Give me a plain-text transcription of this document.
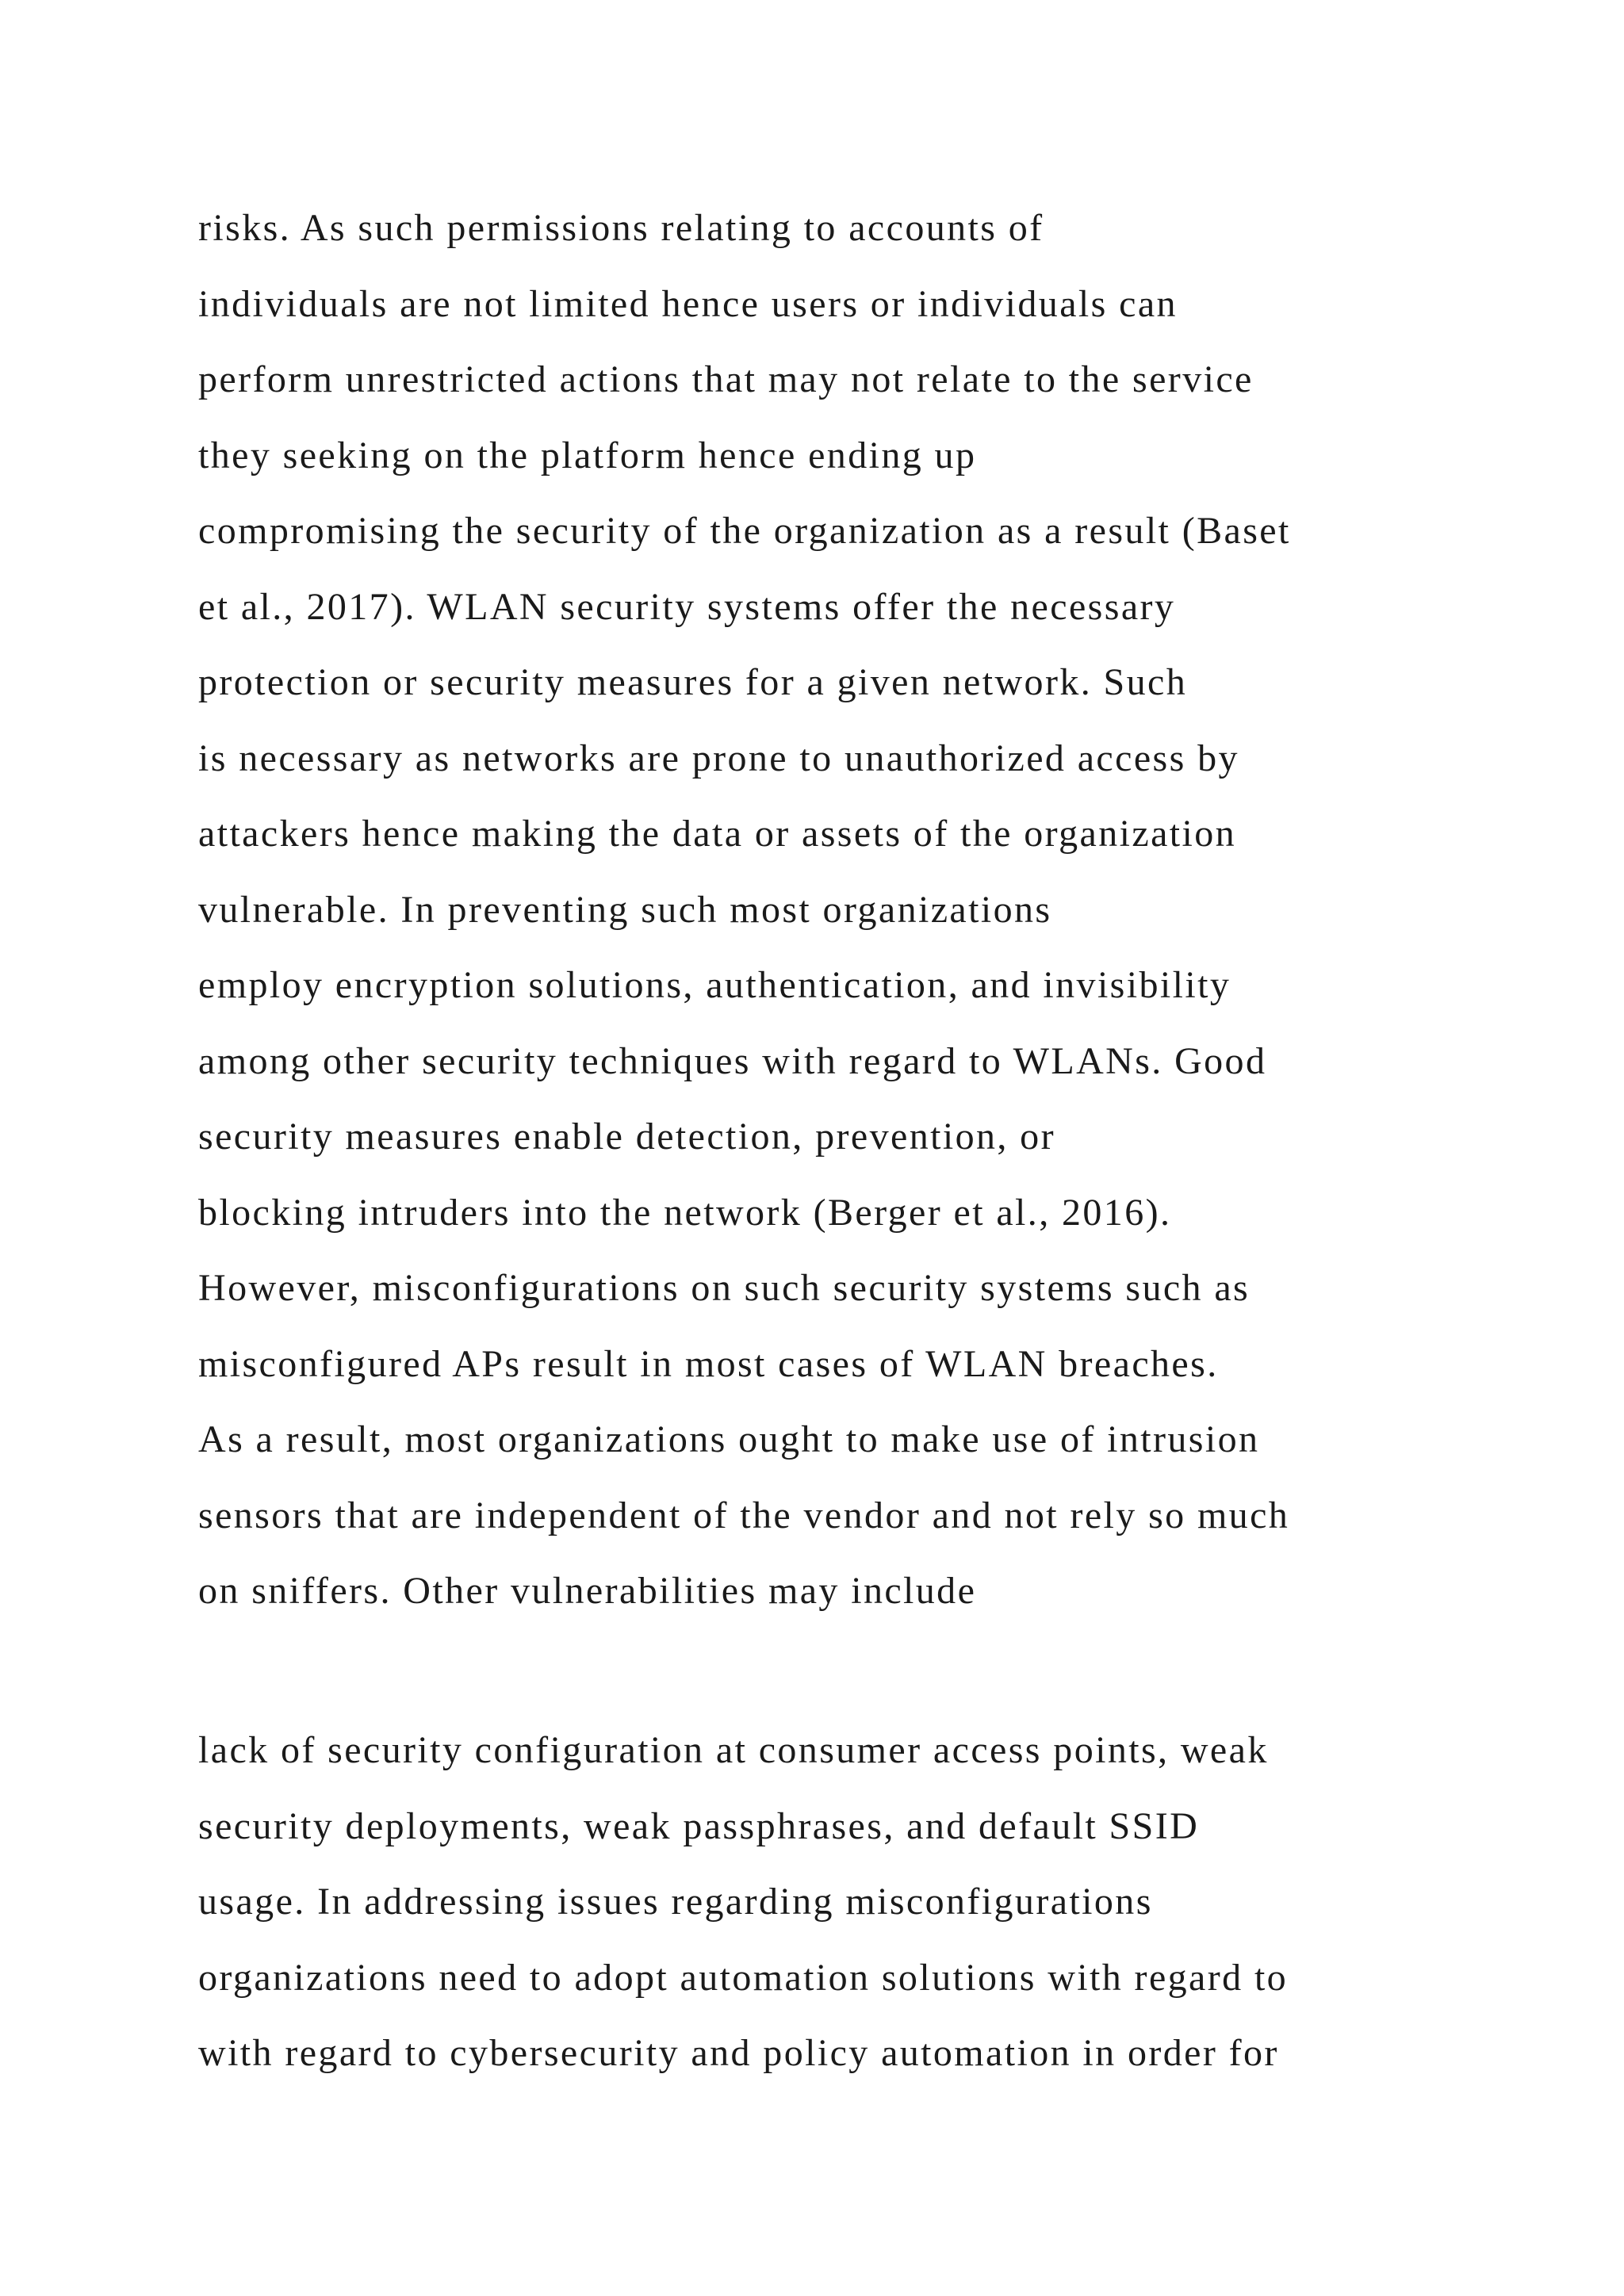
risks. As such permissions relating to accounts of
individuals are not limited hence users or individuals can
perform unrestricted actions that may not relate to the service
they seeking on the platform hence ending up
compromising the security of the organization as a result (Baset
et al., 2017). WLAN security systems offer the necessary
protection or security measures for a given network. Such
is necessary as networks are prone to unauthorized access by
attackers hence making the data or assets of the organization
vulnerable. In preventing such most organizations
employ encryption solutions, authentication, and invisibility
among other security techniques with regard to WLANs. Good
security measures enable detection, prevention, or
blocking intruders into the network (Berger et al., 2016).
However, misconfigurations on such security systems such as
misconfigured APs result in most cases of WLAN breaches.
As a result, most organizations ought to make use of intrusion
sensors that are independent of the vendor and not rely so much
on sniffers. Other vulnerabilities may include
lack of security configuration at consumer access points, weak
security deployments, weak passphrases, and default SSID
usage. In addressing issues regarding misconfigurations
organizations need to adopt automation solutions with regard to
with regard to cybersecurity and policy automation in order for
